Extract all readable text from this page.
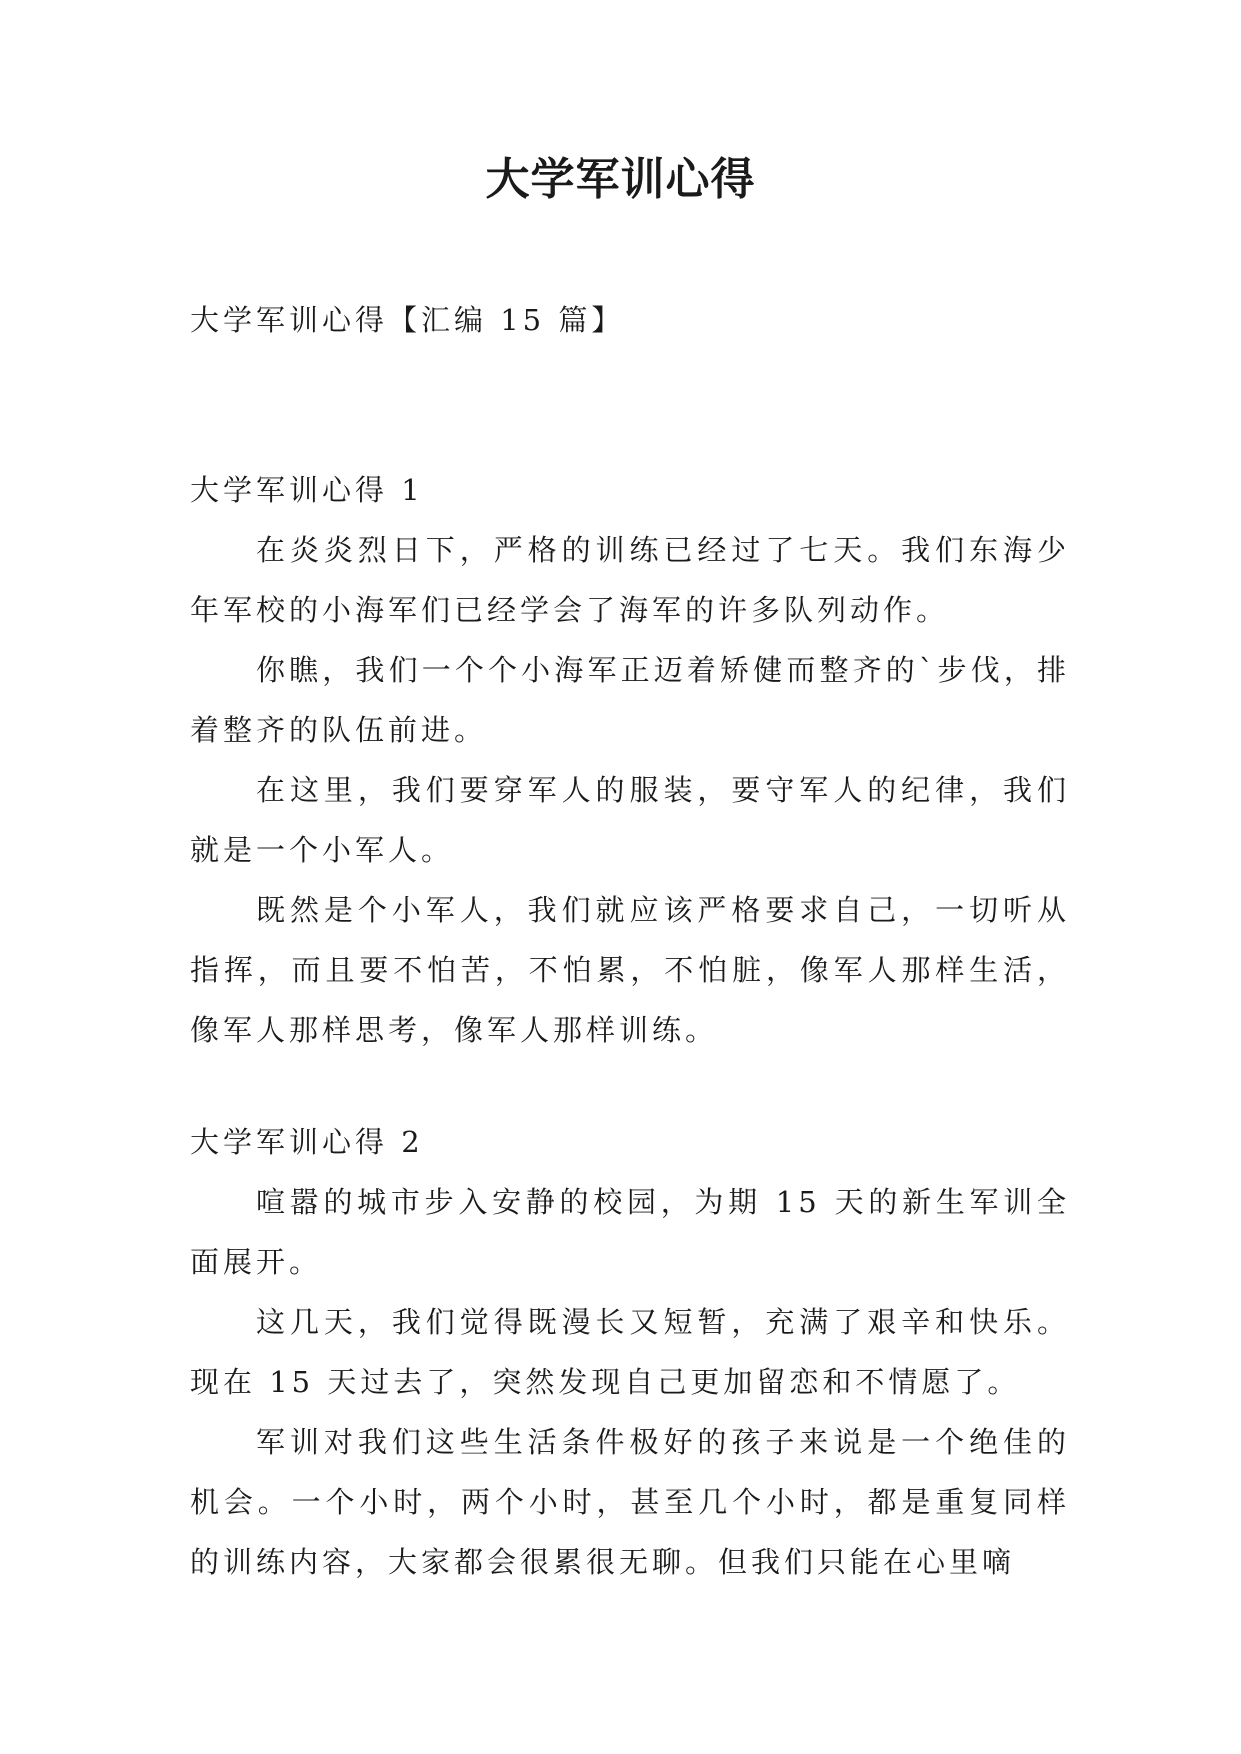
大学军训心得

大学军训心得【汇编 15 篇】

大学军训心得 1

在炎炎烈日下，严格的训练已经过了七天。我们东海少年军校的小海军们已经学会了海军的许多队列动作。

你瞧，我们一个个小海军正迈着矫健而整齐的`步伐，排着整齐的队伍前进。

在这里，我们要穿军人的服装，要守军人的纪律，我们就是一个小军人。

既然是个小军人，我们就应该严格要求自己，一切听从指挥，而且要不怕苦，不怕累，不怕脏，像军人那样生活，像军人那样思考，像军人那样训练。

大学军训心得 2

喧嚣的城市步入安静的校园，为期 15 天的新生军训全面展开。

这几天，我们觉得既漫长又短暂，充满了艰辛和快乐。现在 15 天过去了，突然发现自己更加留恋和不情愿了。

军训对我们这些生活条件极好的孩子来说是一个绝佳的机会。一个小时，两个小时，甚至几个小时，都是重复同样的训练内容，大家都会很累很无聊。但我们只能在心里嘀
